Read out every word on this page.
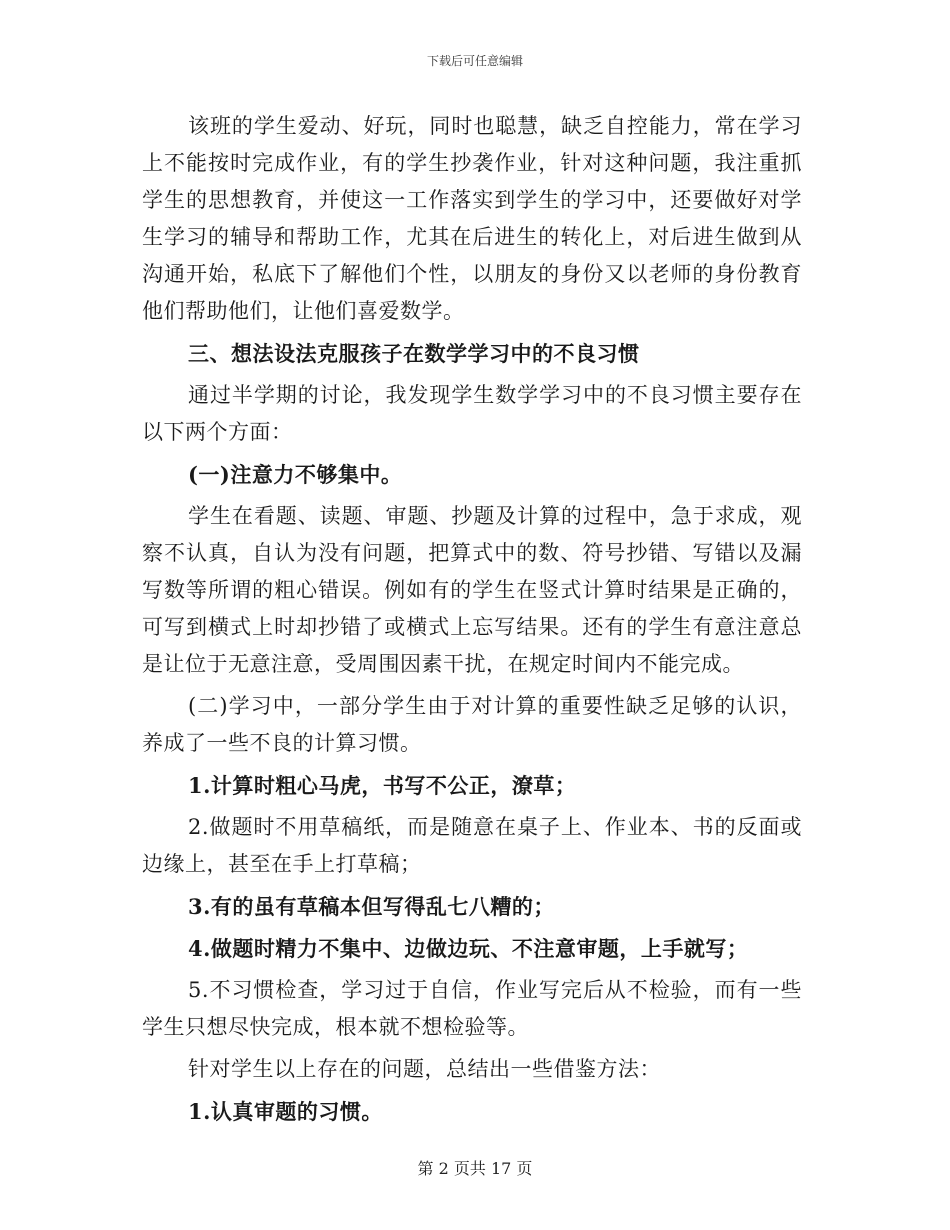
下载后可任意编辑

该班的学生爱动、好玩，同时也聪慧，缺乏自控能力，常在学习上不能按时完成作业，有的学生抄袭作业，针对这种问题，我注重抓学生的思想教育，并使这一工作落实到学生的学习中，还要做好对学生学习的辅导和帮助工作，尤其在后进生的转化上，对后进生做到从沟通开始，私底下了解他们个性，以朋友的身份又以老师的身份教育他们帮助他们，让他们喜爱数学。

三、想法设法克服孩子在数学学习中的不良习惯

通过半学期的讨论，我发现学生数学学习中的不良习惯主要存在以下两个方面：

(一)注意力不够集中。

学生在看题、读题、审题、抄题及计算的过程中，急于求成，观察不认真，自认为没有问题，把算式中的数、符号抄错、写错以及漏写数等所谓的粗心错误。例如有的学生在竖式计算时结果是正确的，可写到横式上时却抄错了或横式上忘写结果。还有的学生有意注意总是让位于无意注意，受周围因素干扰，在规定时间内不能完成。

(二)学习中，一部分学生由于对计算的重要性缺乏足够的认识，养成了一些不良的计算习惯。

1.计算时粗心马虎，书写不公正，潦草；

2.做题时不用草稿纸，而是随意在桌子上、作业本、书的反面或边缘上，甚至在手上打草稿；

3.有的虽有草稿本但写得乱七八糟的；

4.做题时精力不集中、边做边玩、不注意审题，上手就写；

5.不习惯检查，学习过于自信，作业写完后从不检验，而有一些学生只想尽快完成，根本就不想检验等。

针对学生以上存在的问题，总结出一些借鉴方法：

1.认真审题的习惯。

第 2 页共 17 页
